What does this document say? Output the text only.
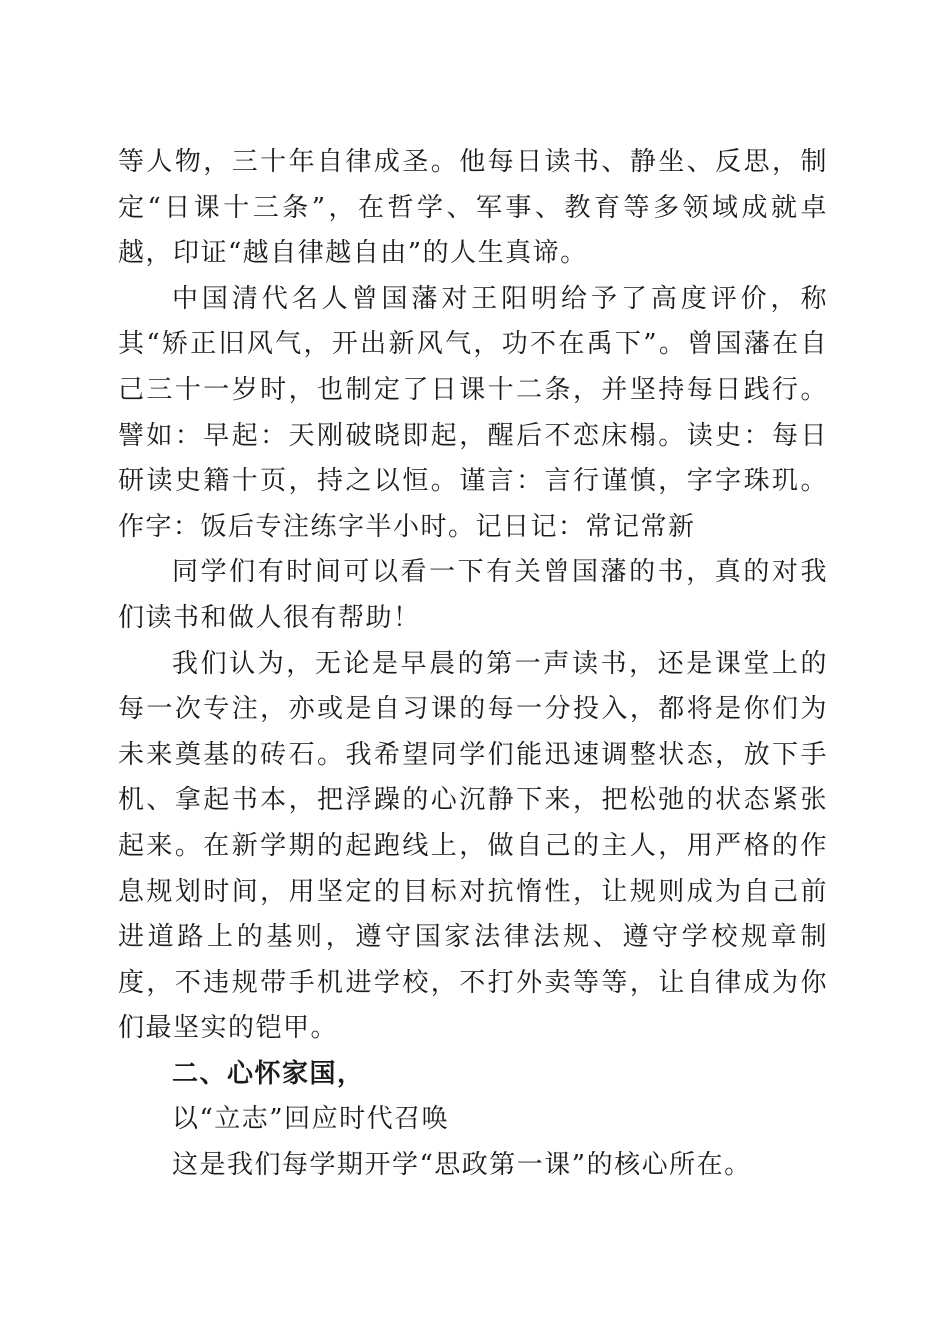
等人物，三十年自律成圣。他每日读书、静坐、反思，制定“日课十三条”，在哲学、军事、教育等多领域成就卓越，印证“越自律越自由”的人生真谛。

中国清代名人曾国藩对王阳明给予了高度评价，称其“矫正旧风气，开出新风气，功不在禹下”。曾国藩在自己三十一岁时，也制定了日课十二条，并坚持每日践行。譬如：早起：天刚破晓即起，醒后不恋床榻。读史：每日研读史籍十页，持之以恒。谨言：言行谨慎，字字珠玑。作字：饭后专注练字半小时。记日记：常记常新

同学们有时间可以看一下有关曾国藩的书，真的对我们读书和做人很有帮助！

我们认为，无论是早晨的第一声读书，还是课堂上的每一次专注，亦或是自习课的每一分投入，都将是你们为未来奠基的砖石。我希望同学们能迅速调整状态，放下手机、拿起书本，把浮躁的心沉静下来，把松弛的状态紧张起来。在新学期的起跑线上，做自己的主人，用严格的作息规划时间，用坚定的目标对抗惰性，让规则成为自己前进道路上的基则，遵守国家法律法规、遵守学校规章制度，不违规带手机进学校，不打外卖等等，让自律成为你们最坚实的铠甲。

二、心怀家国，

以“立志”回应时代召唤

这是我们每学期开学“思政第一课”的核心所在。
